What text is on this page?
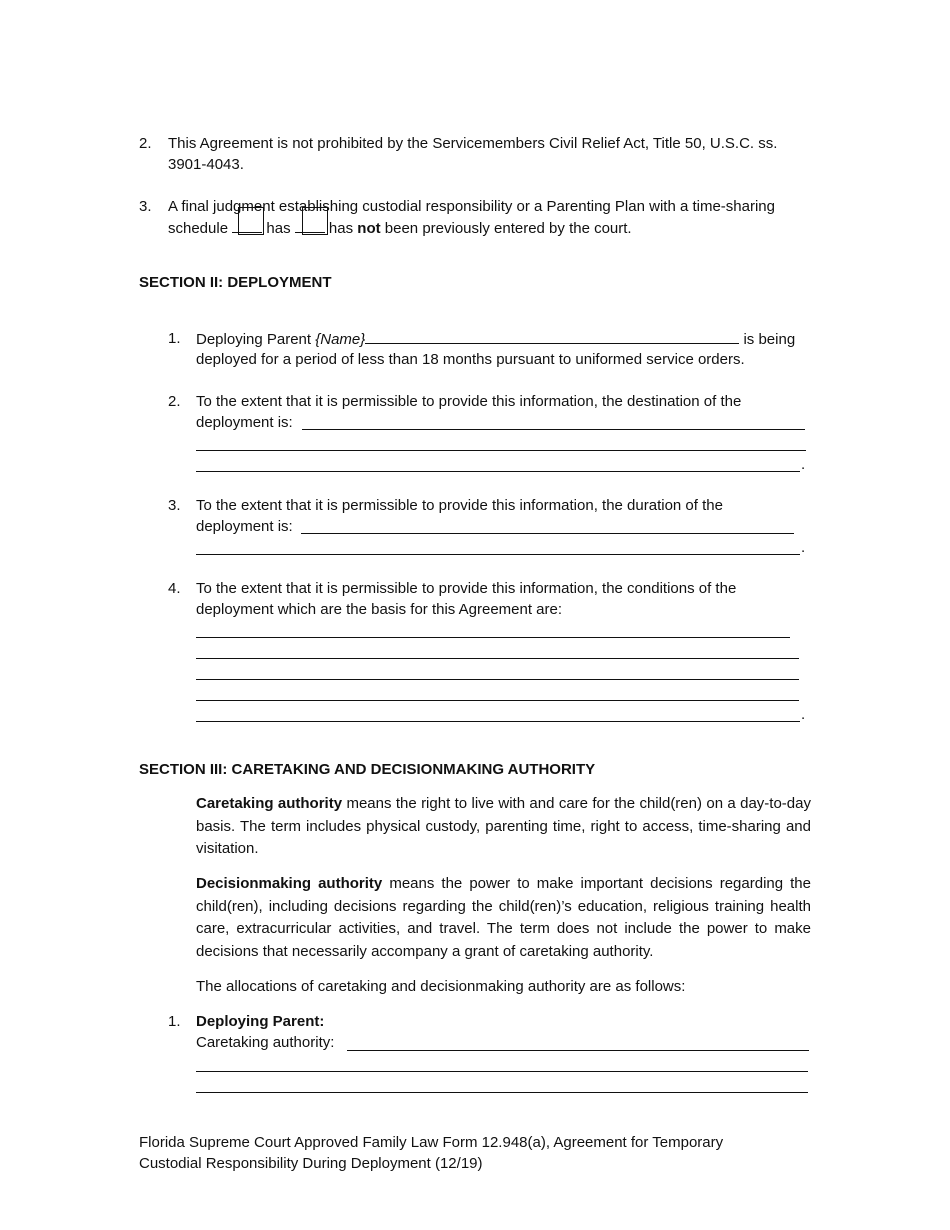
2. This Agreement is not prohibited by the Servicemembers Civil Relief Act, Title 50, U.S.C. ss.
3901-4043.
3. A final judgment establishing custodial responsibility or a Parenting Plan with a time-sharing
schedule	has	has not been previously entered by the court.
SECTION II: DEPLOYMENT
1. Deploying Parent {Name}	is being
deployed for a period of less than 18 months pursuant to uniformed service orders.
2. To the extent that it is permissible to provide this information, the destination of the
deployment is:
.
3. To the extent that it is permissible to provide this information, the duration of the
deployment is:
.
4. To the extent that it is permissible to provide this information, the conditions of the
deployment which are the basis for this Agreement are:
.
SECTION III: CARETAKING AND DECISIONMAKING AUTHORITY
Caretaking authority means the right to live with and care for the child(ren) on a day-to-day basis. The term includes physical custody, parenting time, right to access, time-sharing and visitation.
Decisionmaking authority means the power to make important decisions regarding the child(ren), including decisions regarding the child(ren)’s education, religious training health care, extracurricular activities, and travel. The term does not include the power to make decisions that necessarily accompany a grant of caretaking authority.
The allocations of caretaking and decisionmaking authority are as follows:
1. Deploying Parent:
Caretaking authority:
Florida Supreme Court Approved Family Law Form 12.948(a), Agreement for Temporary
Custodial Responsibility During Deployment (12/19)
